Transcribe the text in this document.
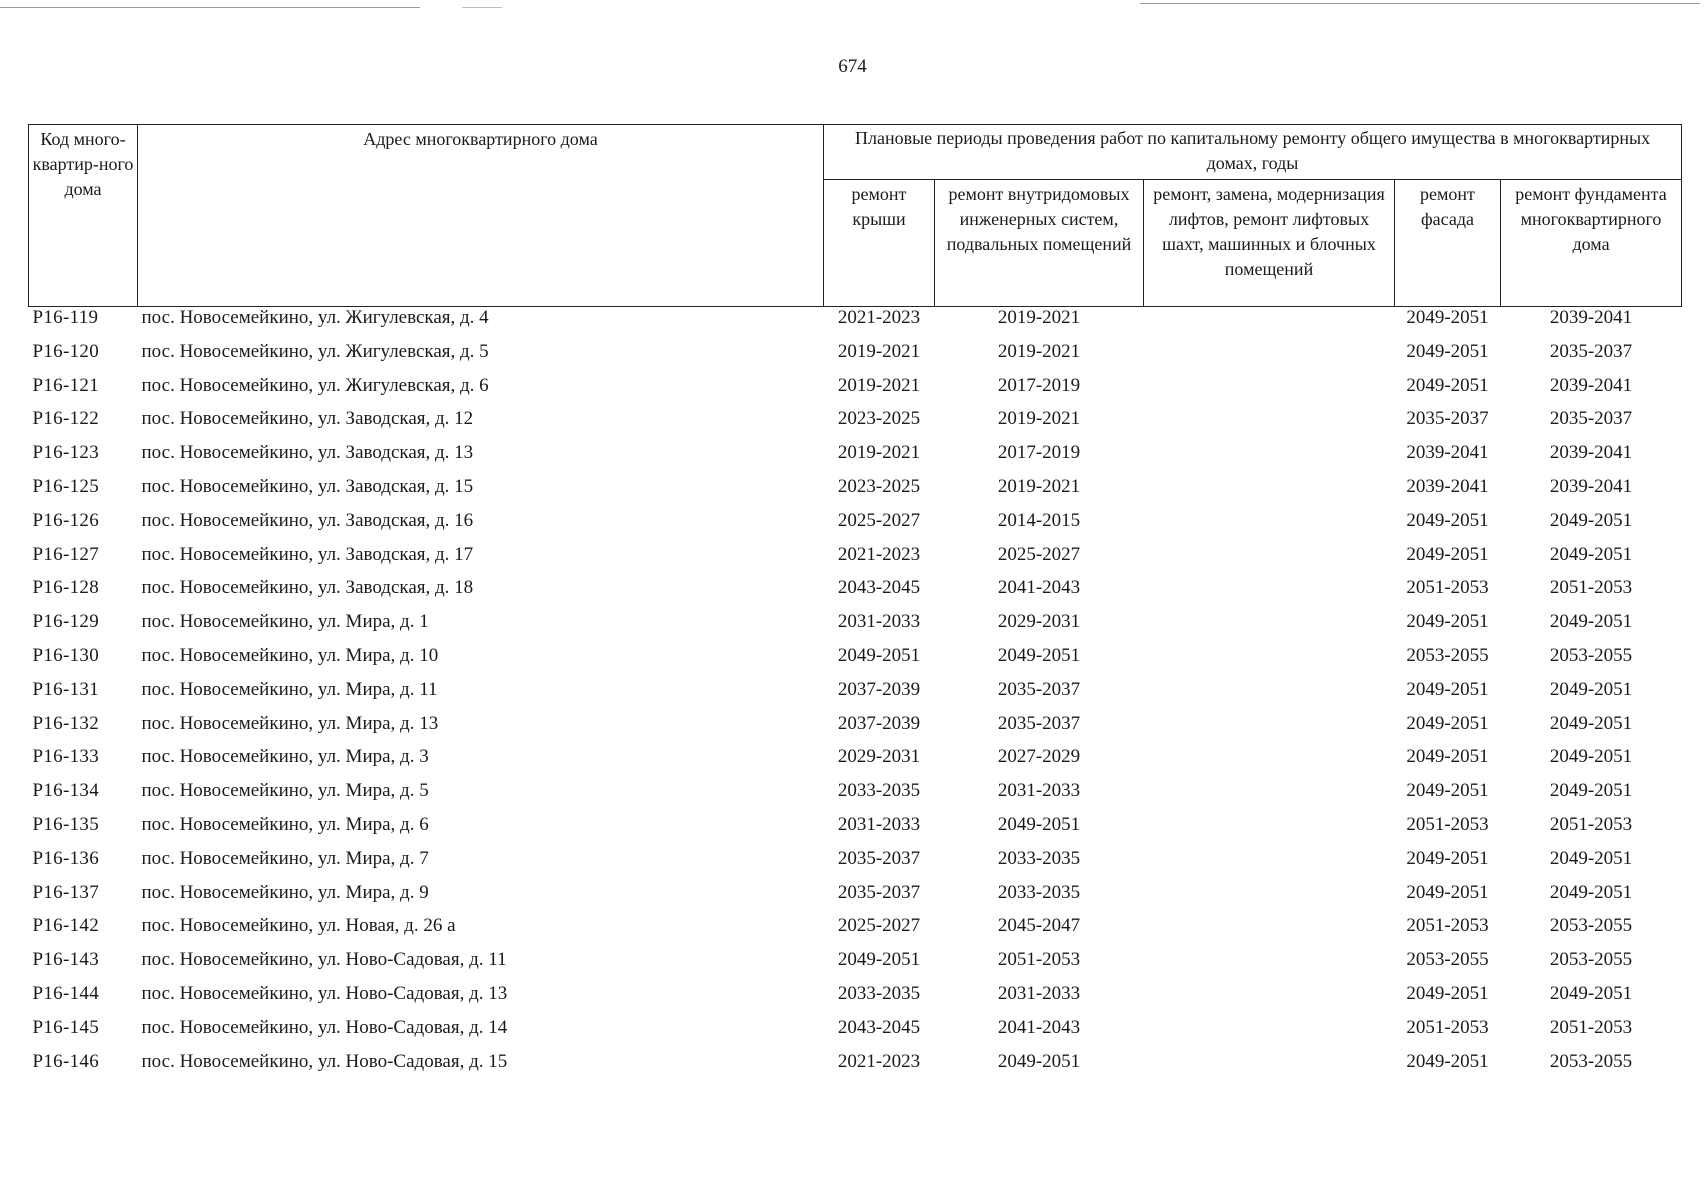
674
Код много-квартир-ного дома	Адрес многоквартирного дома	Плановые периоды проведения работ по капитальному ремонту общего имущества в многоквартирных домах, годы				
		ремонт крыши	ремонт внутридомовых инженерных систем, подвальных помещений	ремонт, замена, модернизация лифтов, ремонт лифтовых шахт, машинных и блочных помещений	ремонт фасада	ремонт фундамента многоквартирного дома
Р16-119	пос. Новосемейкино, ул. Жигулевская, д. 4	2021-2023	2019-2021		2049-2051	2039-2041
Р16-120	пос. Новосемейкино, ул. Жигулевская, д. 5	2019-2021	2019-2021		2049-2051	2035-2037
Р16-121	пос. Новосемейкино, ул. Жигулевская, д. 6	2019-2021	2017-2019		2049-2051	2039-2041
Р16-122	пос. Новосемейкино, ул. Заводская, д. 12	2023-2025	2019-2021		2035-2037	2035-2037
Р16-123	пос. Новосемейкино, ул. Заводская, д. 13	2019-2021	2017-2019		2039-2041	2039-2041
Р16-125	пос. Новосемейкино, ул. Заводская, д. 15	2023-2025	2019-2021		2039-2041	2039-2041
Р16-126	пос. Новосемейкино, ул. Заводская, д. 16	2025-2027	2014-2015		2049-2051	2049-2051
Р16-127	пос. Новосемейкино, ул. Заводская, д. 17	2021-2023	2025-2027		2049-2051	2049-2051
Р16-128	пос. Новосемейкино, ул. Заводская, д. 18	2043-2045	2041-2043		2051-2053	2051-2053
Р16-129	пос. Новосемейкино, ул. Мира, д. 1	2031-2033	2029-2031		2049-2051	2049-2051
Р16-130	пос. Новосемейкино, ул. Мира, д. 10	2049-2051	2049-2051		2053-2055	2053-2055
Р16-131	пос. Новосемейкино, ул. Мира, д. 11	2037-2039	2035-2037		2049-2051	2049-2051
Р16-132	пос. Новосемейкино, ул. Мира, д. 13	2037-2039	2035-2037		2049-2051	2049-2051
Р16-133	пос. Новосемейкино, ул. Мира, д. 3	2029-2031	2027-2029		2049-2051	2049-2051
Р16-134	пос. Новосемейкино, ул. Мира, д. 5	2033-2035	2031-2033		2049-2051	2049-2051
Р16-135	пос. Новосемейкино, ул. Мира, д. 6	2031-2033	2049-2051		2051-2053	2051-2053
Р16-136	пос. Новосемейкино, ул. Мира, д. 7	2035-2037	2033-2035		2049-2051	2049-2051
Р16-137	пос. Новосемейкино, ул. Мира, д. 9	2035-2037	2033-2035		2049-2051	2049-2051
Р16-142	пос. Новосемейкино, ул. Новая, д. 26 а	2025-2027	2045-2047		2051-2053	2053-2055
Р16-143	пос. Новосемейкино, ул. Ново-Садовая, д. 11	2049-2051	2051-2053		2053-2055	2053-2055
Р16-144	пос. Новосемейкино, ул. Ново-Садовая, д. 13	2033-2035	2031-2033		2049-2051	2049-2051
Р16-145	пос. Новосемейкино, ул. Ново-Садовая, д. 14	2043-2045	2041-2043		2051-2053	2051-2053
Р16-146	пос. Новосемейкино, ул. Ново-Садовая, д. 15	2021-2023	2049-2051		2049-2051	2053-2055
